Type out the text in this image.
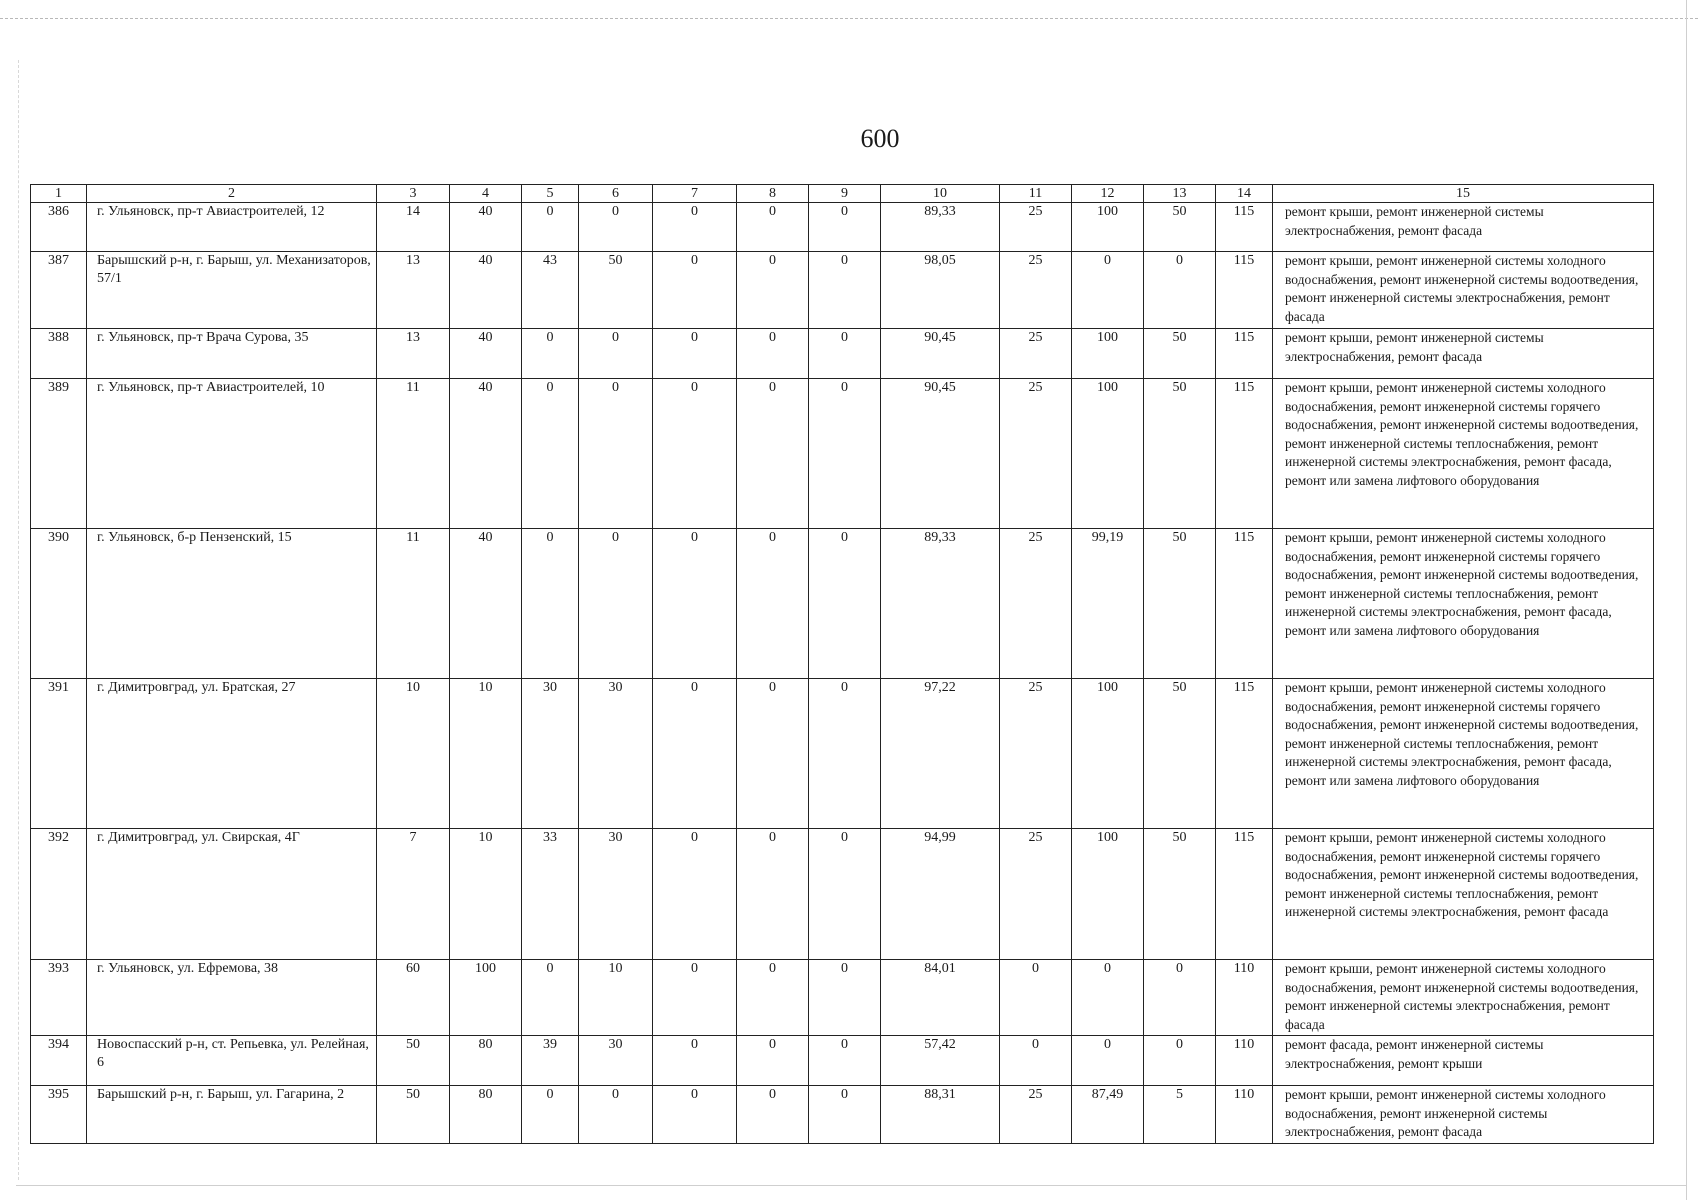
600
1	2	3	4	5	6	7	8	9	10	11	12	13	14	15
386	г. Ульяновск, пр-т Авиастроителей, 12	14	40	0	0	0	0	0	89,33	25	100	50	115	ремонт крыши, ремонт инженерной системы электроснабжения, ремонт фасада
387	Барышский р-н, г. Барыш, ул. Механизаторов, 57/1	13	40	43	50	0	0	0	98,05	25	0	0	115	ремонт крыши, ремонт инженерной системы холодного водоснабжения, ремонт инженерной системы водоотведения, ремонт инженерной системы электроснабжения, ремонт фасада
388	г. Ульяновск, пр-т Врача Сурова, 35	13	40	0	0	0	0	0	90,45	25	100	50	115	ремонт крыши, ремонт инженерной системы электроснабжения, ремонт фасада
389	г. Ульяновск, пр-т Авиастроителей, 10	11	40	0	0	0	0	0	90,45	25	100	50	115	ремонт крыши, ремонт инженерной системы холодного водоснабжения, ремонт инженерной системы горячего водоснабжения, ремонт инженерной системы водоотведения, ремонт инженерной системы теплоснабжения, ремонт инженерной системы электроснабжения, ремонт фасада, ремонт или замена лифтового оборудования
390	г. Ульяновск, б-р Пензенский, 15	11	40	0	0	0	0	0	89,33	25	99,19	50	115	ремонт крыши, ремонт инженерной системы холодного водоснабжения, ремонт инженерной системы горячего водоснабжения, ремонт инженерной системы водоотведения, ремонт инженерной системы теплоснабжения, ремонт инженерной системы электроснабжения, ремонт фасада, ремонт или замена лифтового оборудования
391	г. Димитровград, ул. Братская, 27	10	10	30	30	0	0	0	97,22	25	100	50	115	ремонт крыши, ремонт инженерной системы холодного водоснабжения, ремонт инженерной системы горячего водоснабжения, ремонт инженерной системы водоотведения, ремонт инженерной системы теплоснабжения, ремонт инженерной системы электроснабжения, ремонт фасада, ремонт или замена лифтового оборудования
392	г. Димитровград, ул. Свирская, 4Г	7	10	33	30	0	0	0	94,99	25	100	50	115	ремонт крыши, ремонт инженерной системы холодного водоснабжения, ремонт инженерной системы горячего водоснабжения, ремонт инженерной системы водоотведения, ремонт инженерной системы теплоснабжения, ремонт инженерной системы электроснабжения, ремонт фасада
393	г. Ульяновск, ул. Ефремова, 38	60	100	0	10	0	0	0	84,01	0	0	0	110	ремонт крыши, ремонт инженерной системы холодного водоснабжения, ремонт инженерной системы водоотведения, ремонт инженерной системы электроснабжения, ремонт фасада
394	Новоспасский р-н, ст. Репьевка, ул. Релейная, 6	50	80	39	30	0	0	0	57,42	0	0	0	110	ремонт фасада, ремонт инженерной системы электроснабжения, ремонт крыши
395	Барышский р-н, г. Барыш, ул. Гагарина, 2	50	80	0	0	0	0	0	88,31	25	87,49	5	110	ремонт крыши, ремонт инженерной системы холодного водоснабжения, ремонт инженерной системы электроснабжения, ремонт фасада
